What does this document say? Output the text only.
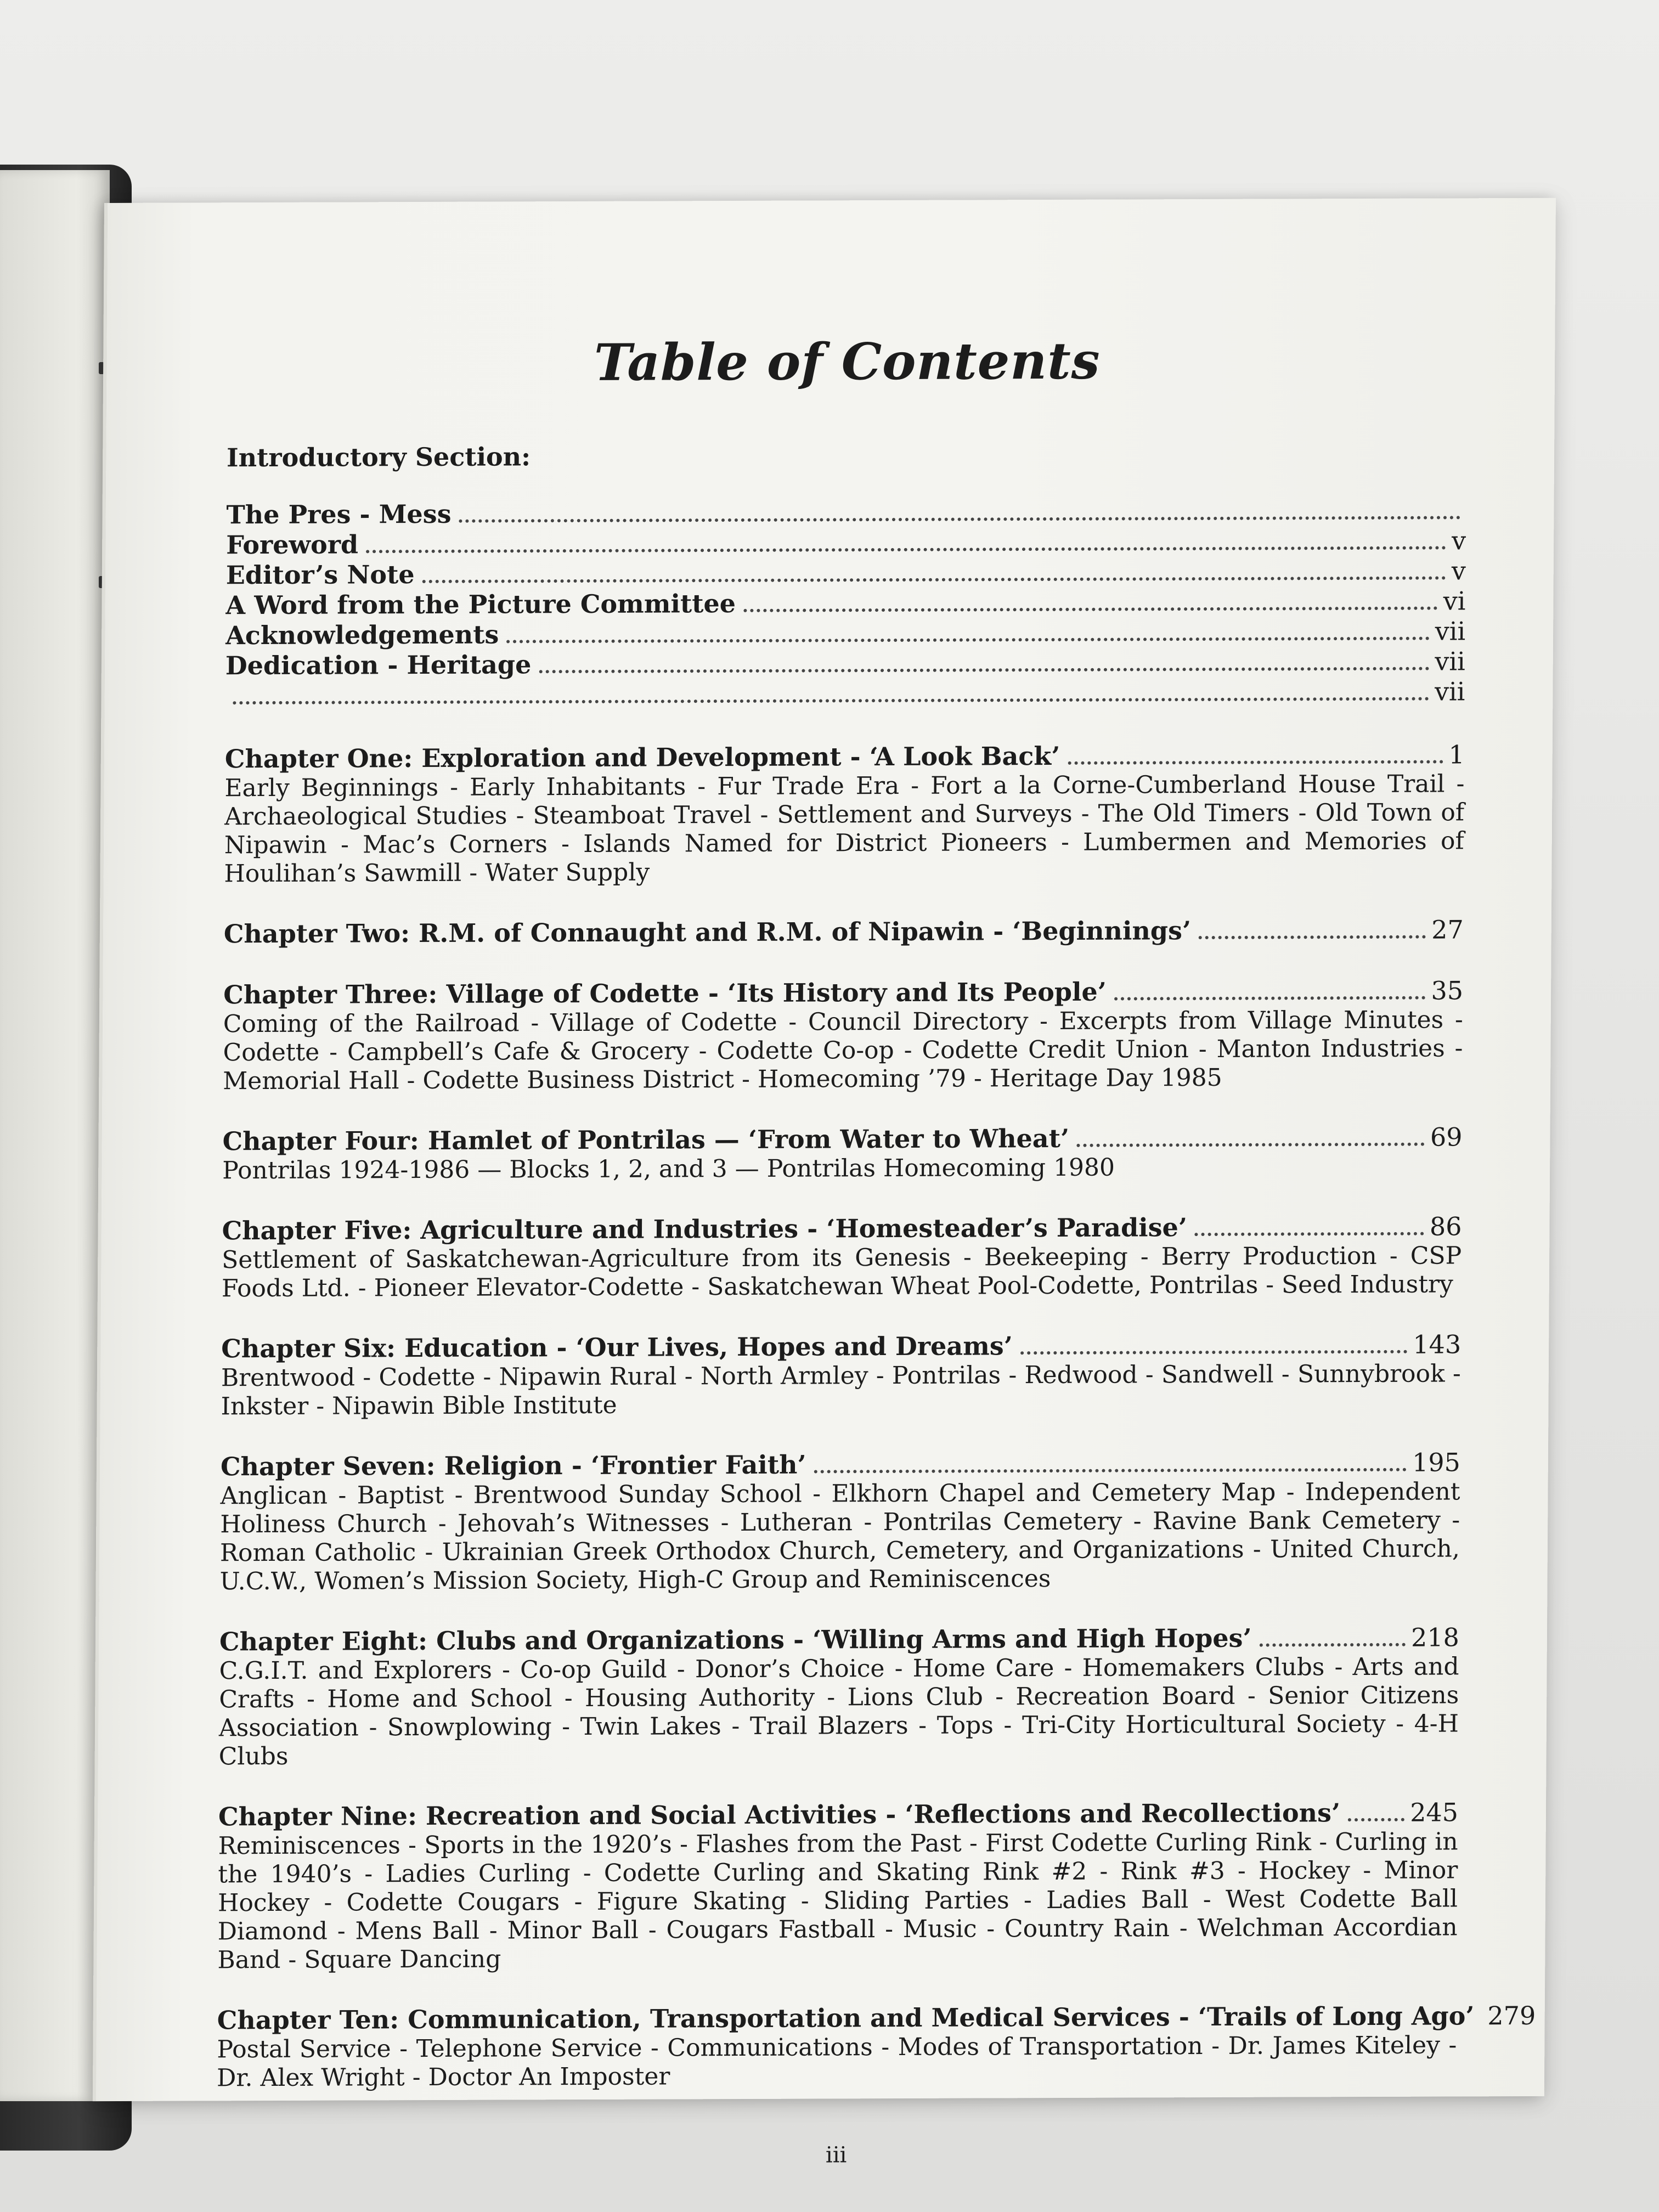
Table of Contents
Introductory Section:
The Pres - Mess
Foreword	v
Editor’s Note	v
A Word from the Picture Committee	vi
Acknowledgements	vii
Dedication - Heritage	vii
vii
Chapter One: Exploration and Development - ‘A Look Back’	1

Early Beginnings - Early Inhabitants - Fur Trade Era - Fort a la Corne-Cumberland House Trail - Archaeological Studies - Steamboat Travel - Settlement and Surveys - The Old Timers - Old Town of Nipawin - Mac’s Corners - Islands Named for District Pioneers - Lumbermen and Memories of Houlihan’s Sawmill - Water Supply

Chapter Two: R.M. of Connaught and R.M. of Nipawin - ‘Beginnings’	27
Chapter Three: Village of Codette - ‘Its History and Its People’	35

Coming of the Railroad - Village of Codette - Council Directory - Excerpts from Village Minutes - Codette - Campbell’s Cafe & Grocery - Codette Co-op - Codette Credit Union - Manton Industries - Memorial Hall - Codette Business District - Homecoming ’79 - Heritage Day 1985

Chapter Four: Hamlet of Pontrilas — ‘From Water to Wheat’	69

Pontrilas 1924-1986 — Blocks 1, 2, and 3 — Pontrilas Homecoming 1980

Chapter Five: Agriculture and Industries - ‘Homesteader’s Paradise’	86

Settlement of Saskatchewan-Agriculture from its Genesis - Beekeeping - Berry Production - CSP Foods Ltd. - Pioneer Elevator-Codette - Saskatchewan Wheat Pool-Codette, Pontrilas - Seed Industry

Chapter Six: Education - ‘Our Lives, Hopes and Dreams’	143

Brentwood - Codette - Nipawin Rural - North Armley - Pontrilas - Redwood - Sandwell - Sunnybrook - Inkster - Nipawin Bible Institute

Chapter Seven: Religion - ‘Frontier Faith’	195

Anglican - Baptist - Brentwood Sunday School - Elkhorn Chapel and Cemetery Map - Independent Holiness Church - Jehovah’s Witnesses - Lutheran - Pontrilas Cemetery - Ravine Bank Cemetery - Roman Catholic - Ukrainian Greek Orthodox Church, Cemetery, and Organizations - United Church, U.C.W., Women’s Mission Society, High-C Group and Reminiscences

Chapter Eight: Clubs and Organizations - ‘Willing Arms and High Hopes’	218

C.G.I.T. and Explorers - Co-op Guild - Donor’s Choice - Home Care - Homemakers Clubs - Arts and Crafts - Home and School - Housing Authority - Lions Club - Recreation Board - Senior Citizens Association - Snowplowing - Twin Lakes - Trail Blazers - Tops - Tri-City Horticultural Society - 4-H Clubs

Chapter Nine: Recreation and Social Activities - ‘Reflections and Recollections’	245

Reminiscences - Sports in the 1920’s - Flashes from the Past - First Codette Curling Rink - Curling in the 1940’s - Ladies Curling - Codette Curling and Skating Rink #2 - Rink #3 - Hockey - Minor Hockey - Codette Cougars - Figure Skating - Sliding Parties - Ladies Ball - West Codette Ball Diamond - Mens Ball - Minor Ball - Cougars Fastball - Music - Country Rain - Welchman Accordian Band - Square Dancing

Chapter Ten: Communication, Transportation and Medical Services - ‘Trails of Long Ago’ 279

Postal Service - Telephone Service - Communications - Modes of Transportation - Dr. James Kiteley - Dr. Alex Wright - Doctor An Imposter

iii
